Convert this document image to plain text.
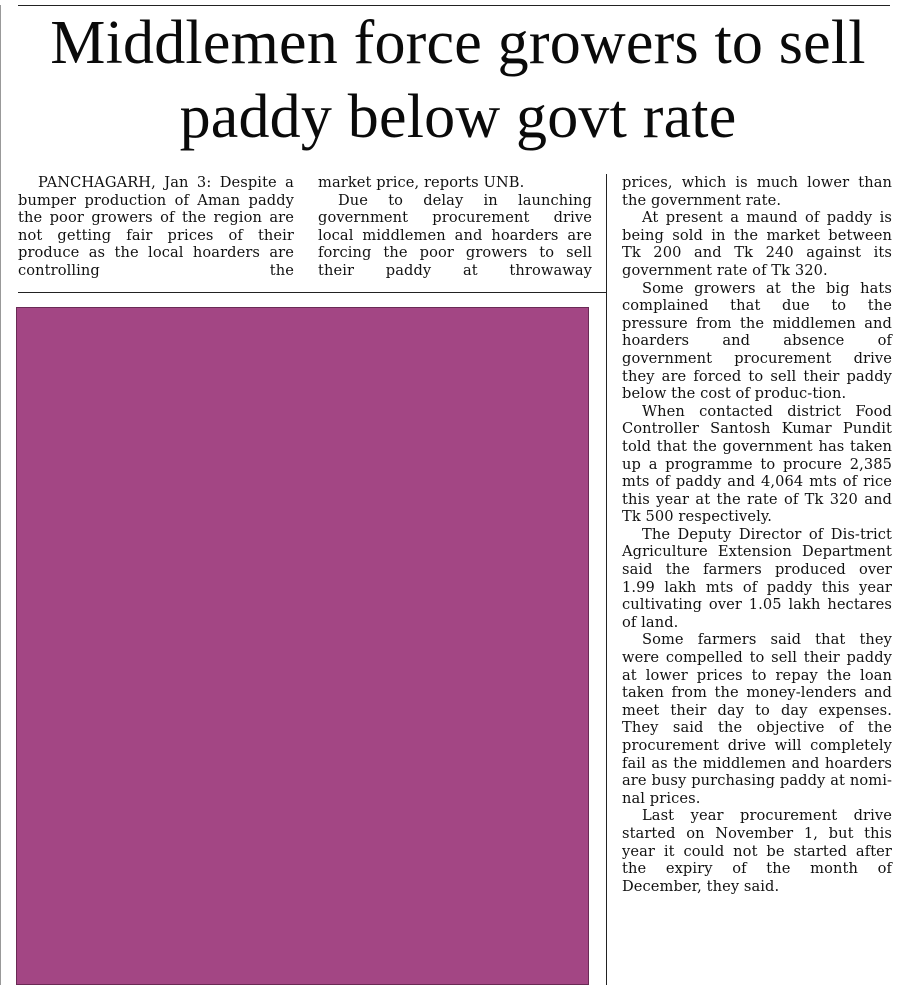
Middlemen force growers to sell paddy below govt rate

PANCHAGARH, Jan 3: Despite a bumper production of Aman paddy the poor growers of the region are not getting fair prices of their produce as the local hoarders are controlling the

market price, reports UNB.

Due to delay in launching government procurement drive local middlemen and hoarders are forcing the poor growers to sell their paddy at throwaway

prices, which is much lower than the government rate.

At present a maund of paddy is being sold in the market between Tk 200 and Tk 240 against its government rate of Tk 320.

Some growers at the big hats complained that due to the pressure from the middlemen and hoarders and absence of government procurement drive they are forced to sell their paddy below the cost of produc-tion.

When contacted district Food Controller Santosh Kumar Pundit told that the government has taken up a programme to procure 2,385 mts of paddy and 4,064 mts of rice this year at the rate of Tk 320 and Tk 500 respectively.

The Deputy Director of Dis-trict Agriculture Extension Department said the farmers produced over 1.99 lakh mts of paddy this year cultivating over 1.05 lakh hectares of land.

Some farmers said that they were compelled to sell their paddy at lower prices to repay the loan taken from the money-lenders and meet their day to day expenses. They said the objective of the procurement drive will completely fail as the middlemen and hoarders are busy purchasing paddy at nomi-nal prices.

Last year procurement drive started on November 1, but this year it could not be started after the expiry of the month of December, they said.
